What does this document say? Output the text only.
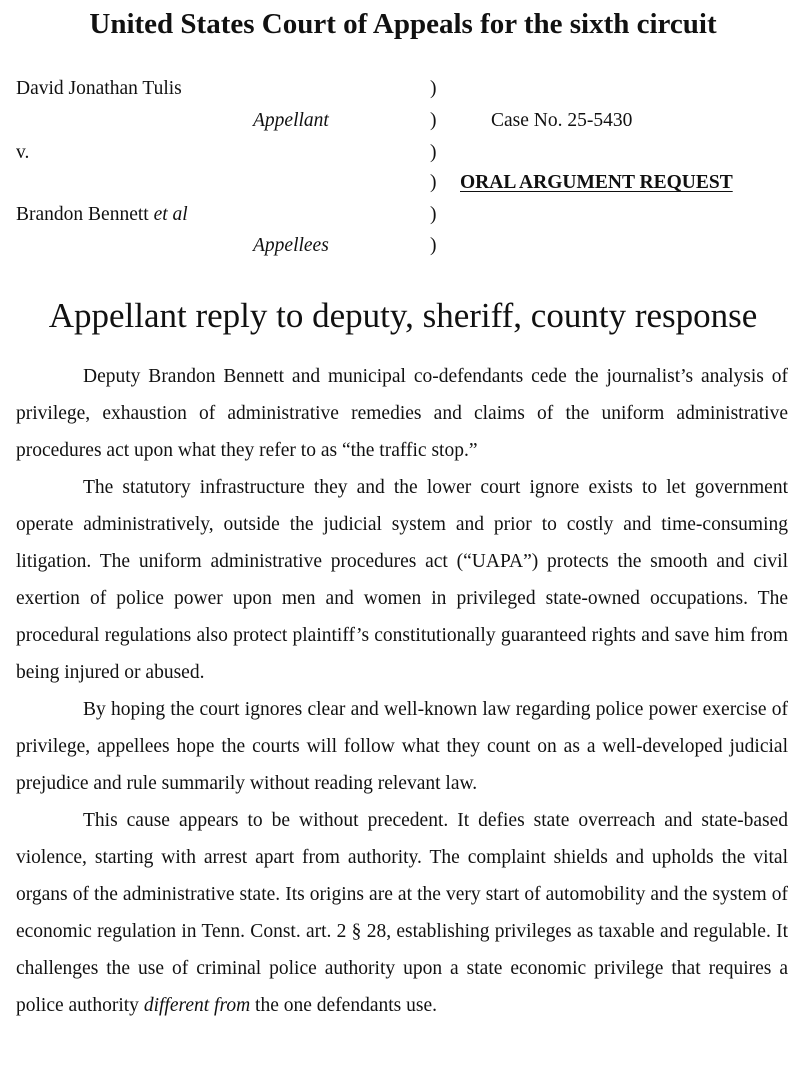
United States Court of Appeals for the sixth circuit
David Jonathan Tulis	)
Appellant	)	Case No. 25-5430
v.	)
) ORAL ARGUMENT REQUEST
Brandon Bennett et al	)
Appellees	)
Appellant reply to deputy, sheriff, county response

Deputy Brandon Bennett and municipal co-defendants cede the journalist’s analysis of privilege, exhaustion of administrative remedies and claims of the uniform administrative procedures act upon what they refer to as “the traffic stop.”

The statutory infrastructure they and the lower court ignore exists to let government operate administratively, outside the judicial system and prior to costly and time-consuming litigation. The uniform administrative procedures act (“UAPA”) protects the smooth and civil exertion of police power upon men and women in privileged state-owned occupations. The procedural regulations also protect plaintiff’s constitutionally guaranteed rights and save him from being injured or abused.

By hoping the court ignores clear and well-known law regarding police power exercise of privilege, appellees hope the courts will follow what they count on as a well-developed judicial prejudice and rule summarily without reading relevant law.

This cause appears to be without precedent. It defies state overreach and state-based violence, starting with arrest apart from authority. The complaint shields and upholds the vital organs of the administrative state. Its origins are at the very start of automobility and the system of economic regulation in Tenn. Const. art. 2 § 28, establishing privileges as taxable and regulable. It challenges the use of criminal police authority upon a state economic privilege that requires a police authority different from the one defendants use.
